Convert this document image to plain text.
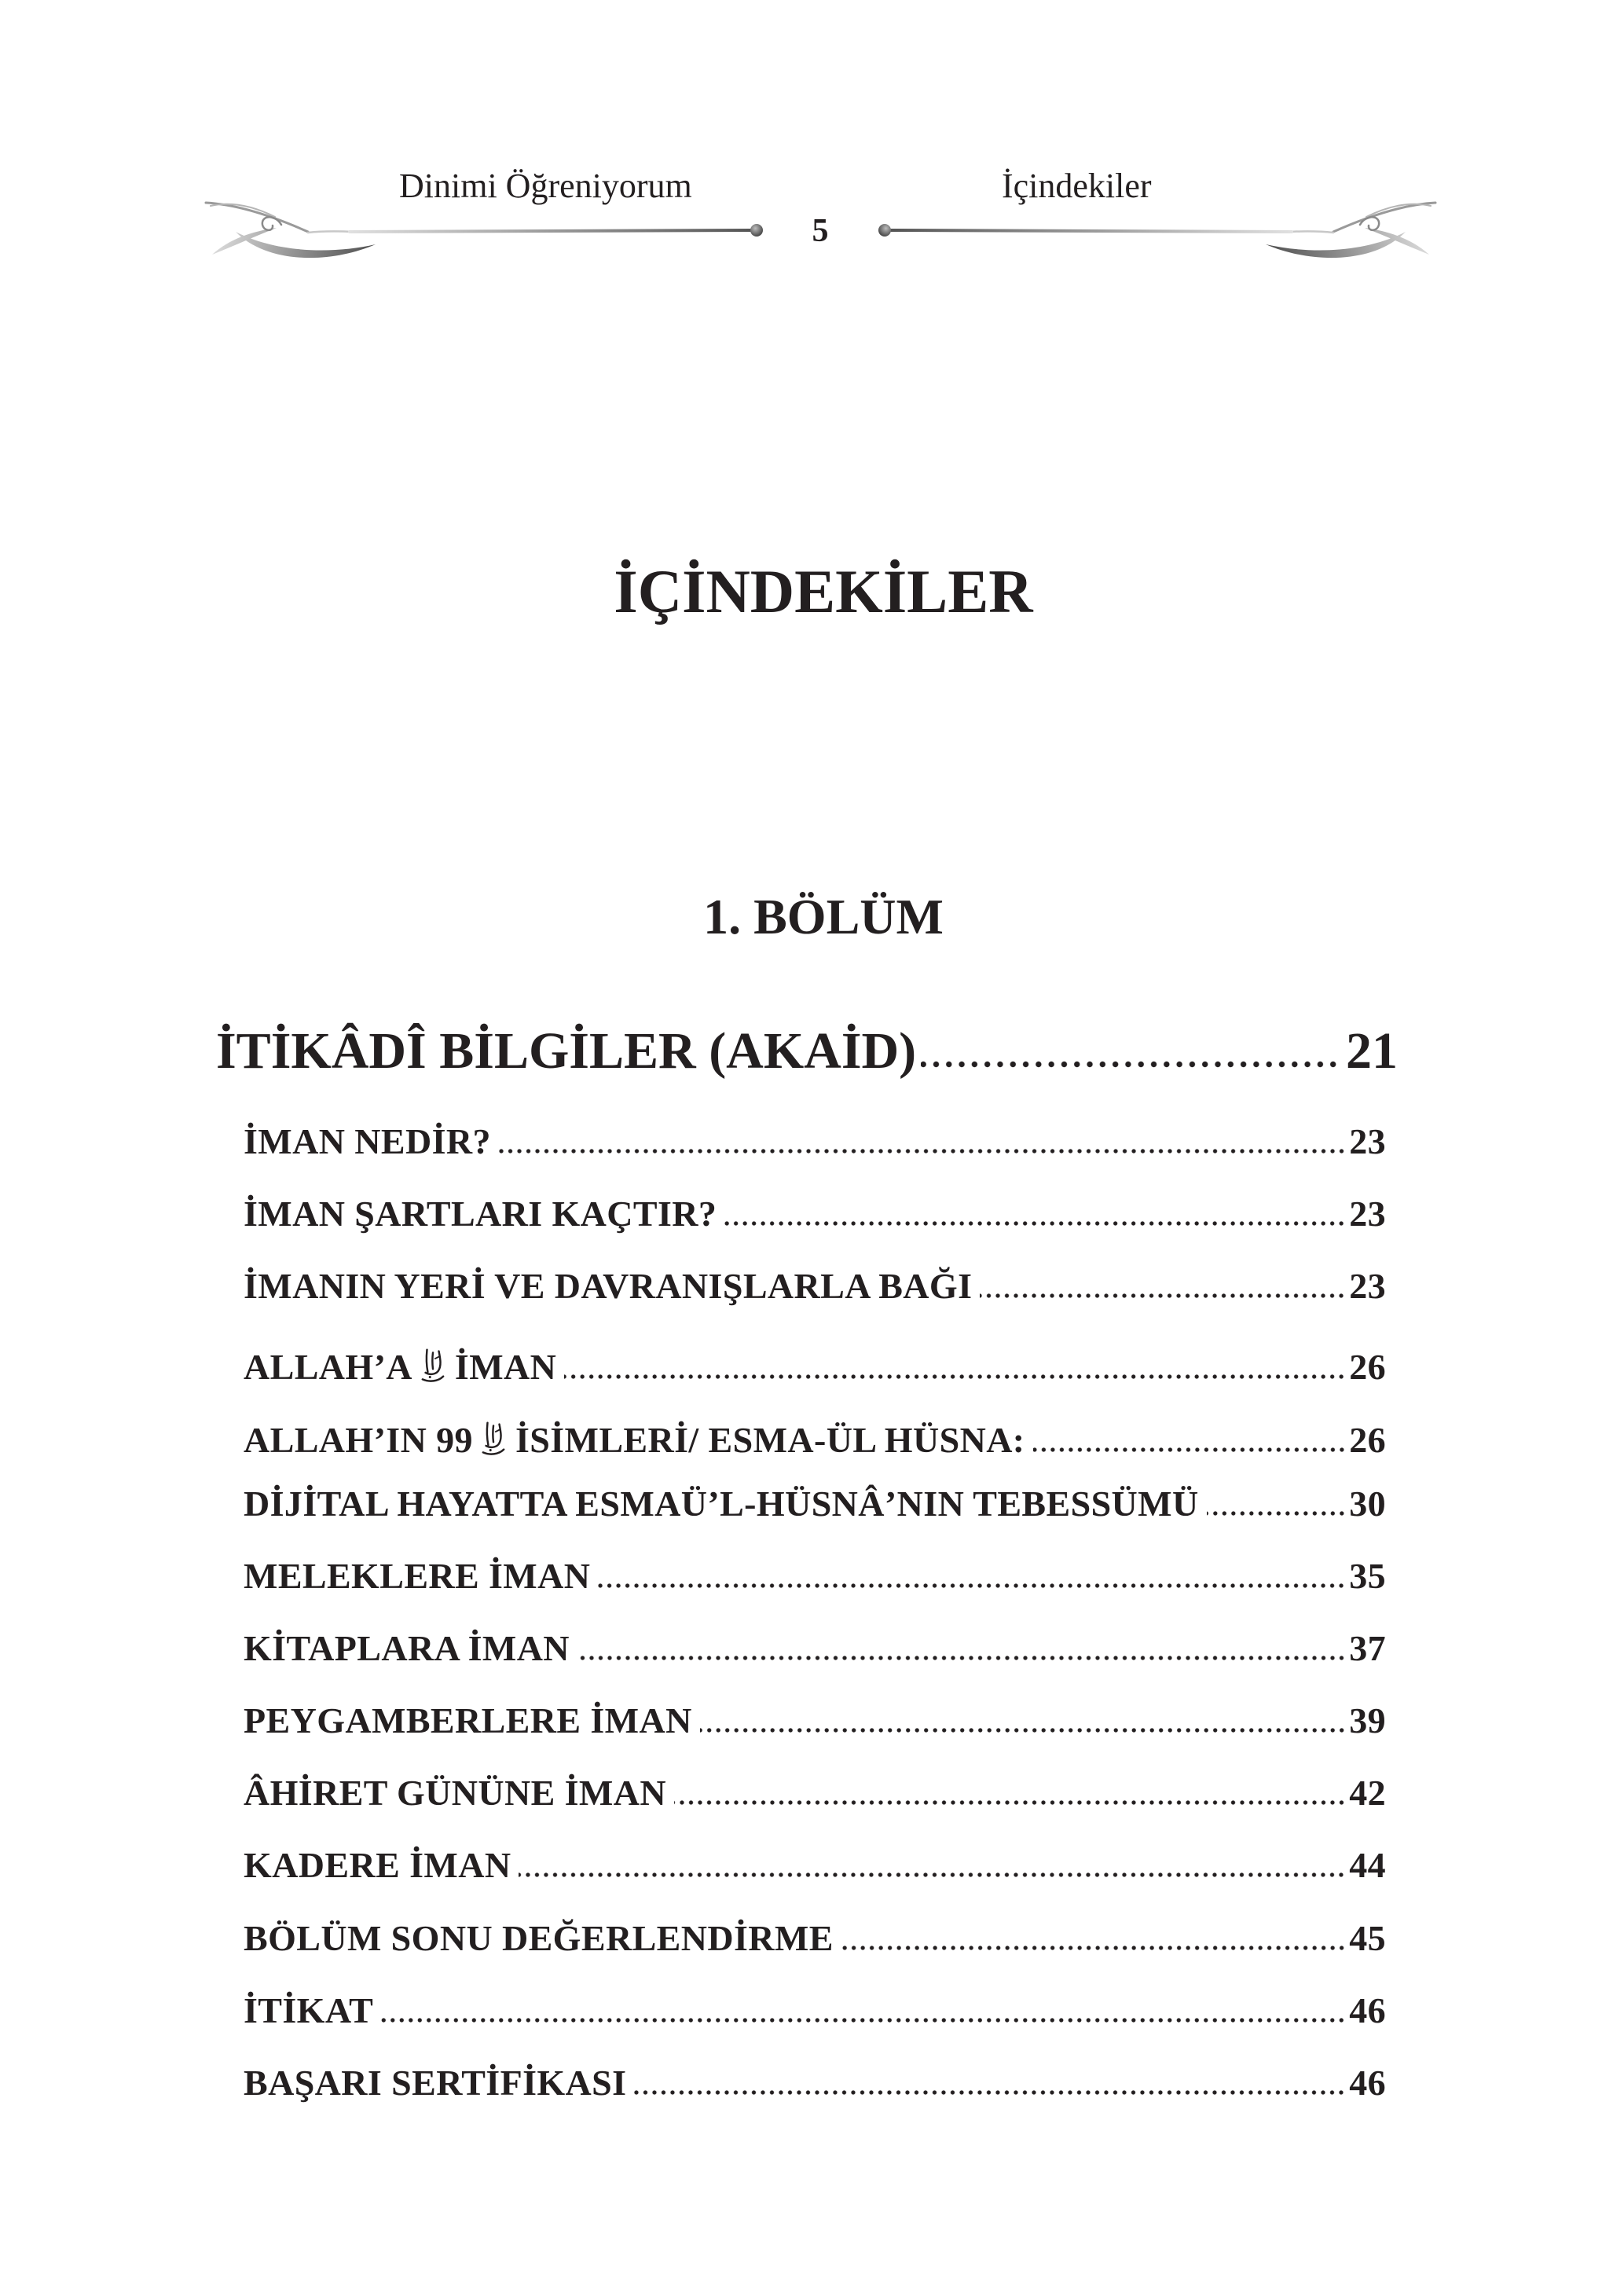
Dinimi Öğreniyorum	İçindekiler
5
İÇİNDEKİLER
1. BÖLÜM
İTİKÂDÎ BİLGİLER (AKAİD)	21
İMAN NEDİR?	23
İMAN ŞARTLARI KAÇTIR?	23
İMANIN YERİ VE DAVRANIŞLARLA BAĞI	23
ALLAH’A İMAN	26
ALLAH’IN 99 İSİMLERİ/ ESMA-ÜL HÜSNA:	26
DİJİTAL HAYATTA ESMAÜ’L-HÜSNÂ’NIN TEBESSÜMÜ	30
MELEKLERE İMAN	35
KİTAPLARA İMAN	37
PEYGAMBERLERE İMAN	39
ÂHİRET GÜNÜNE İMAN	42
KADERE İMAN	44
BÖLÜM SONU DEĞERLENDİRME	45
İTİKAT	46
BAŞARI SERTİFİKASI	46
